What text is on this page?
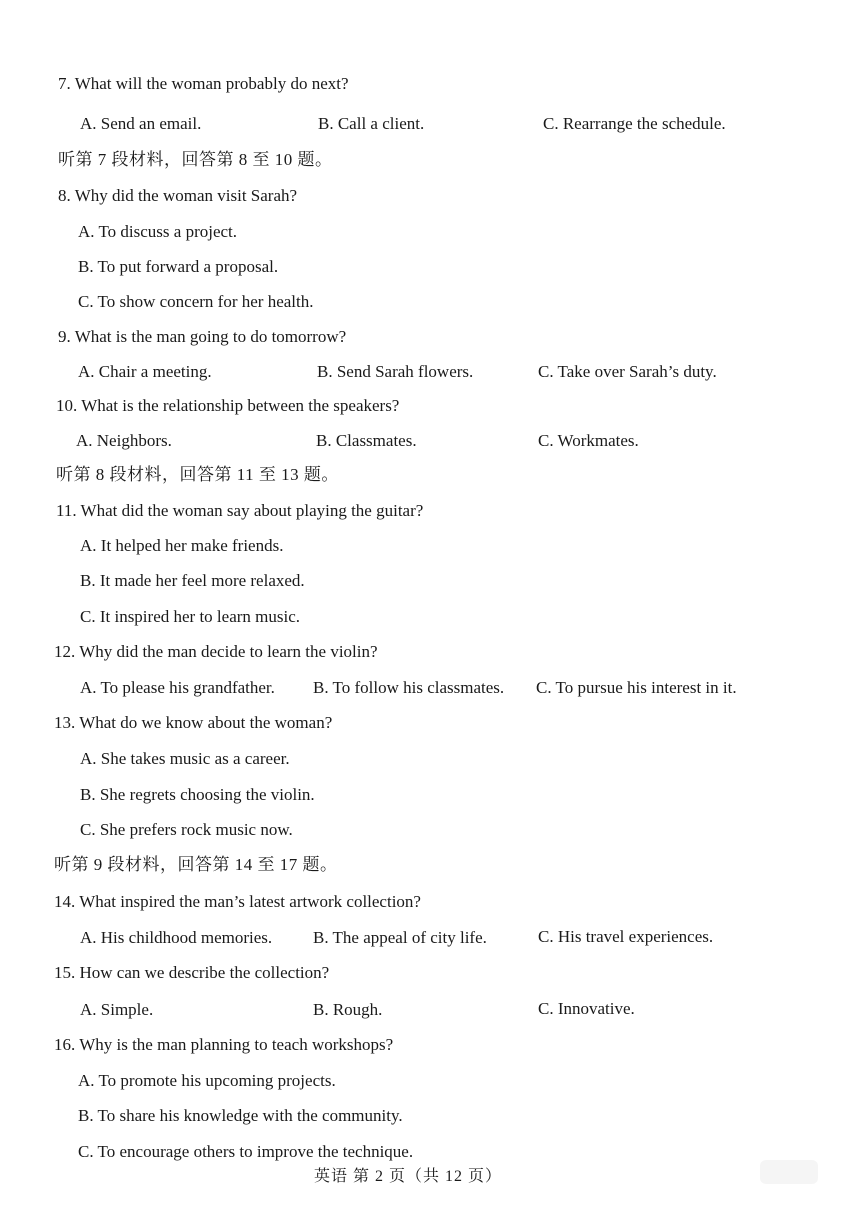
7. What will the woman probably do next?
A. Send an email.	B. Call a client.	C. Rearrange the schedule.
听第 7 段材料，回答第 8 至 10 题。
8. Why did the woman visit Sarah?
A. To discuss a project.
B. To put forward a proposal.
C. To show concern for her health.
9. What is the man going to do tomorrow?
A. Chair a meeting.	B. Send Sarah flowers.	C. Take over Sarah’s duty.
10. What is the relationship between the speakers?
A. Neighbors.	B. Classmates.	C. Workmates.
听第 8 段材料，回答第 11 至 13 题。
11. What did the woman say about playing the guitar?
A. It helped her make friends.
B. It made her feel more relaxed.
C. It inspired her to learn music.
12. Why did the man decide to learn the violin?
A. To please his grandfather. B. To follow his classmates. C. To pursue his interest in it.
13. What do we know about the woman?
A. She takes music as a career.
B. She regrets choosing the violin.
C. She prefers rock music now.
听第 9 段材料，回答第 14 至 17 题。
14. What inspired the man’s latest artwork collection?
A. His childhood memories. B. The appeal of city life.	C. His travel experiences.
15. How can we describe the collection?
A. Simple.	B. Rough.	C. Innovative.
16. Why is the man planning to teach workshops?
A. To promote his upcoming projects.
B. To share his knowledge with the community.
C. To encourage others to improve the technique.
英语 第 2 页（共 12 页）
